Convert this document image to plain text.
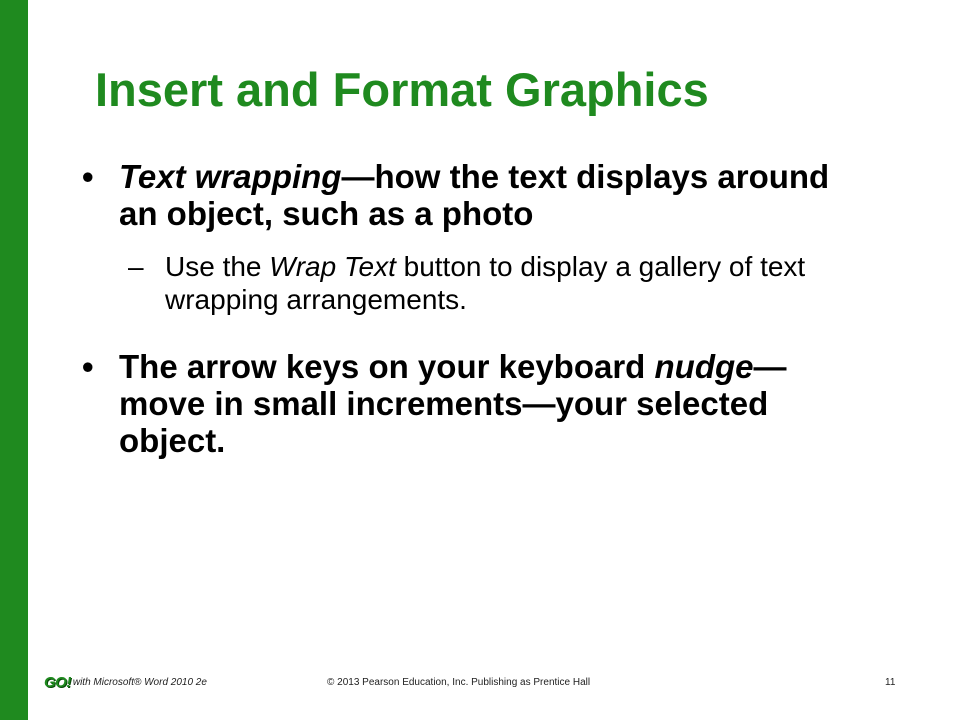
Insert and Format Graphics
• Text wrapping—how the text displays around an object, such as a photo
– Use the Wrap Text button to display a gallery of text wrapping arrangements.
• The arrow keys on your keyboard nudge—move in small increments—your selected object.
GO! with Microsoft® Word 2010 2e	© 2013 Pearson Education, Inc. Publishing as Prentice Hall	11
